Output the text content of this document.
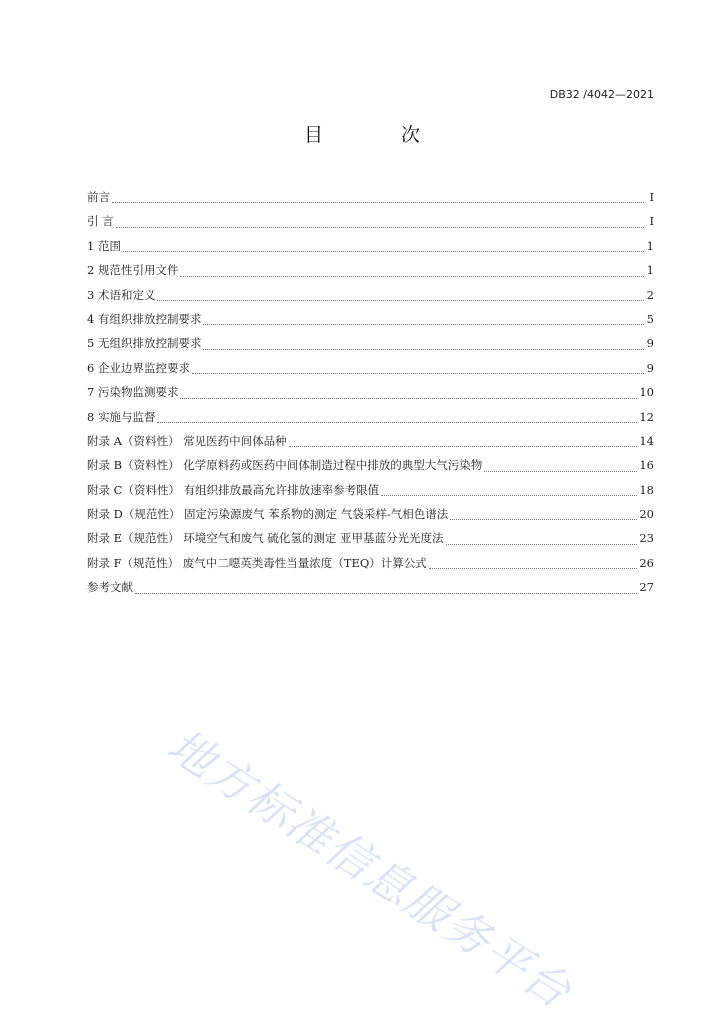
DB32 /4042—2021
目 次
前言	I
引 言	I
1 范围	1
2 规范性引用文件	1
3 术语和定义	2
4 有组织排放控制要求	5
5 无组织排放控制要求	9
6 企业边界监控要求	9
7 污染物监测要求	10
8 实施与监督	12
附录 A（资料性） 常见医药中间体品种	14
附录 B（资料性） 化学原料药或医药中间体制造过程中排放的典型大气污染物	16
附录 C（资料性） 有组织排放最高允许排放速率参考限值	18
附录 D（规范性） 固定污染源废气 苯系物的测定 气袋采样-气相色谱法	20
附录 E（规范性） 环境空气和废气 硫化氢的测定 亚甲基蓝分光光度法	23
附录 F（规范性） 废气中二噁英类毒性当量浓度（TEQ）计算公式	26
参考文献	27
地方标准信息服务平台
